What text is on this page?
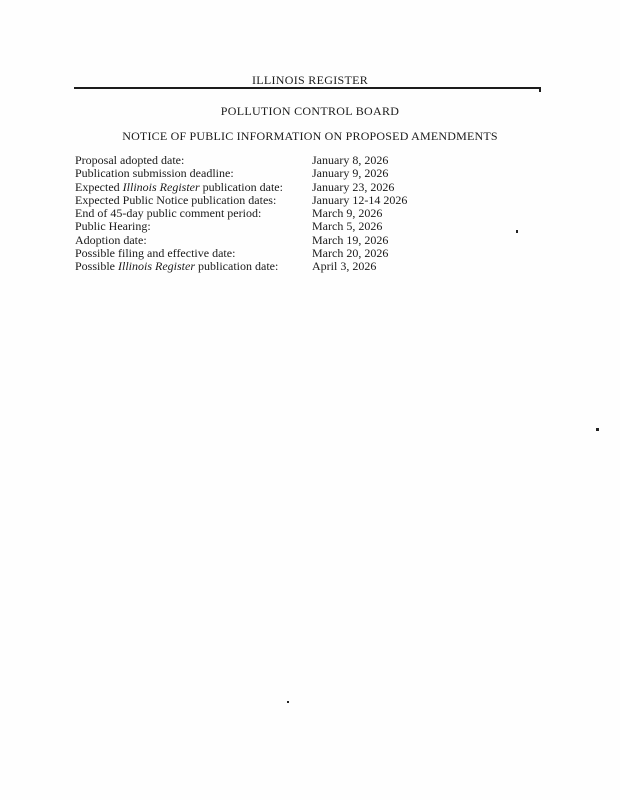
ILLINOIS REGISTER
POLLUTION CONTROL BOARD
NOTICE OF PUBLIC INFORMATION ON PROPOSED AMENDMENTS
Proposal adopted date:	January 8, 2026
Publication submission deadline:	January 9, 2026
Expected Illinois Register publication date:	January 23, 2026
Expected Public Notice publication dates:	January 12-14 2026
End of 45-day public comment period:	March 9, 2026
Public Hearing:	March 5, 2026
Adoption date:	March 19, 2026
Possible filing and effective date:	March 20, 2026
Possible Illinois Register publication date:	April 3, 2026
